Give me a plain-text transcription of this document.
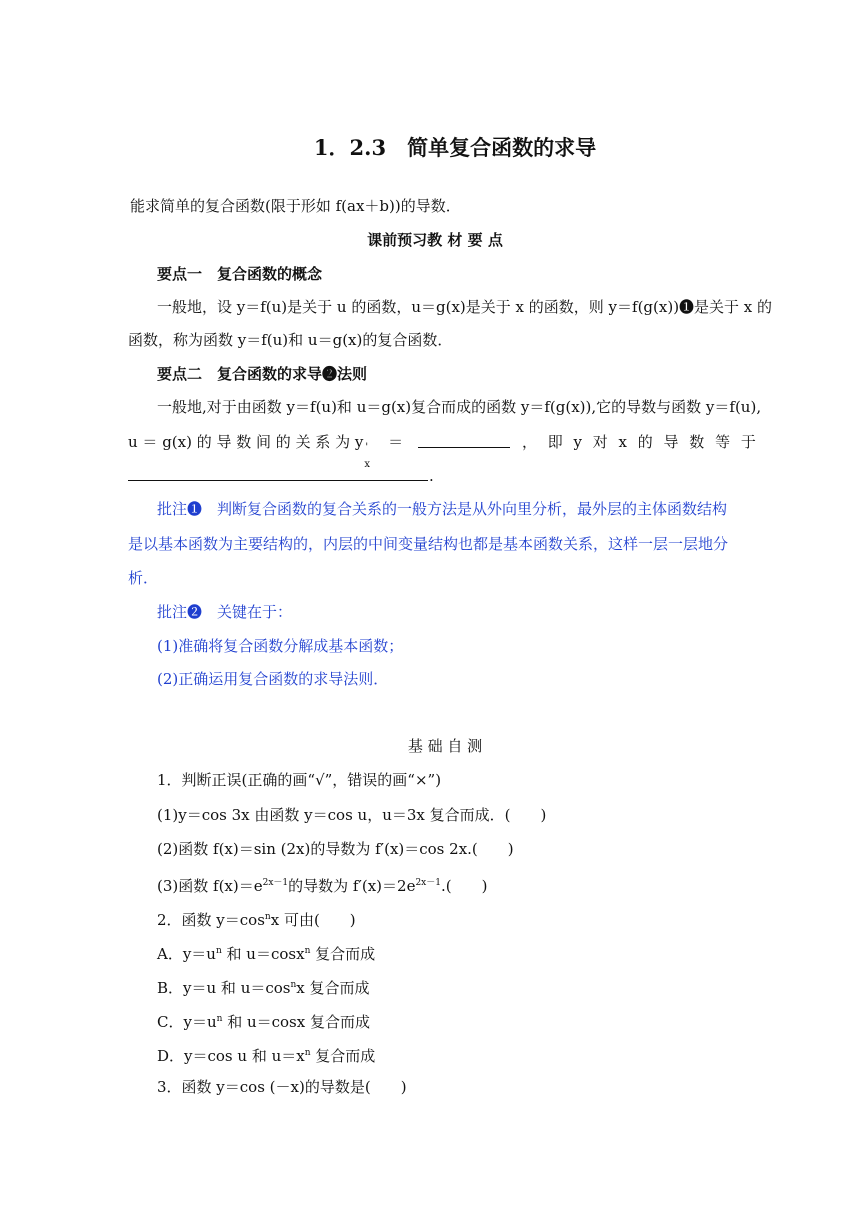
1．2.3　简单复合函数的求导
能求简单的复合函数(限于形如 f(ax＋b))的导数．
课前预习教 材 要 点
要点一　复合函数的概念
一般地，设 y＝f(u)是关于 u 的函数，u＝g(x)是关于 x 的函数，则 y＝f(g(x))❶是关于 x 的
函数，称为函数 y＝f(u)和 u＝g(x)的复合函数．
要点二　复合函数的求导❷法则
一般地,对于由函数 y＝f(u)和 u＝g(x)复合而成的函数 y＝f(g(x)),它的导数与函数 y＝f(u),
u ＝ g(x) 的 导 数 间 的 关 系 为 y
x
' ＝	， 即 y 对 x 的 导 数 等 于
.
批注❶　判断复合函数的复合关系的一般方法是从外向里分析，最外层的主体函数结构
是以基本函数为主要结构的，内层的中间变量结构也都是基本函数关系，这样一层一层地分
析．
批注❷　关键在于：
(1)准确将复合函数分解成基本函数；
(2)正确运用复合函数的求导法则．
基 础 自 测
1．判断正误(正确的画“√”，错误的画“×”)
(1)y＝cos 3x 由函数 y＝cos u，u＝3x 复合而成．(　　)
(2)函数 f(x)＝sin (2x)的导数为 f′(x)＝cos 2x.(　　)
(3)函数 $f(x)=e^{2x-1}$的导数为 $f'(x)=2e^{2x-1}$.(　　)
2．函数 $y=\cos^nx$ 可由(　　)
A．$y=u^n$ 和 u＝cosx$^n$ 复合而成
B．y＝u 和 $u=\cos^nx$ 复合而成
C．$y=u^n$ 和 u＝cosx 复合而成
D．y＝cos u 和 $u=x^n$ 复合而成
3．函数 y＝cos (－x)的导数是(　　)
